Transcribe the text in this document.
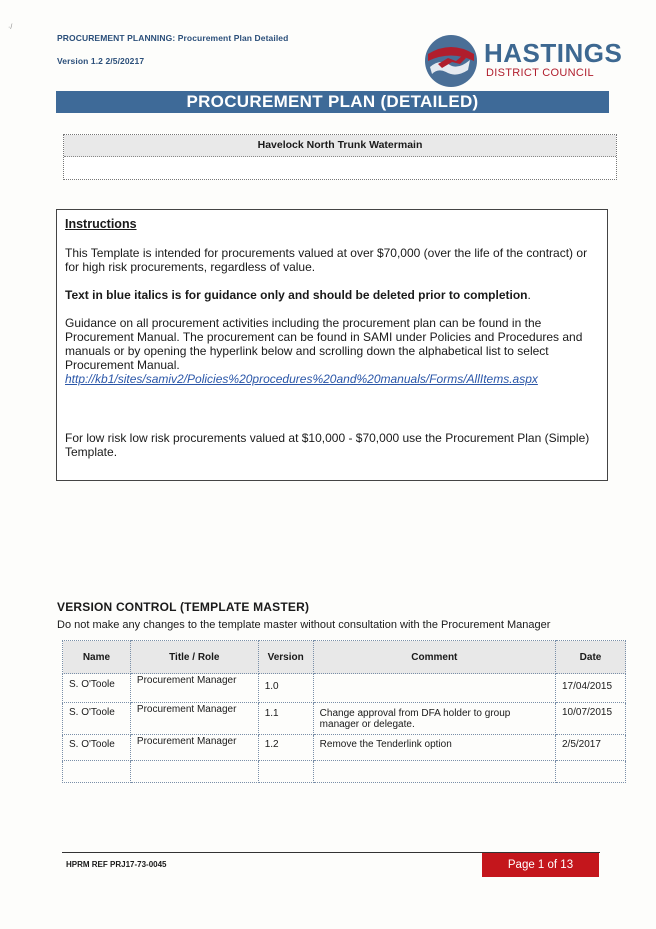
·/
PROCUREMENT PLANNING: Procurement Plan Detailed
Version 1.2 2/5/20217	HASTINGS
DISTRICT COUNCIL
PROCUREMENT PLAN (DETAILED)
Havelock North Trunk Watermain

Instructions

This Template is intended for procurements valued at over $70,000 (over the life of the contract) or for high risk procurements, regardless of value.

Text in blue italics is for guidance only and should be deleted prior to completion.

Guidance on all procurement activities including the procurement plan can be found in the Procurement Manual. The procurement can be found in SAMI under Policies and Procedures and manuals or by opening the hyperlink below and scrolling down the alphabetical list to select Procurement Manual.

http://kb1/sites/samiv2/Policies%20procedures%20and%20manuals/Forms/AllItems.aspx

For low risk low risk procurements valued at $10,000 - $70,000 use the Procurement Plan (Simple) Template.

VERSION CONTROL (TEMPLATE MASTER)
Do not make any changes to the template master without consultation with the Procurement Manager
Name	Title / Role	Version	Comment	Date
S. O'Toole	Procurement Manager	1.0		17/04/2015
S. O'Toole	Procurement Manager	1.1	Change approval from DFA holder to group manager or delegate.	10/07/2015
S. O'Toole	Procurement Manager	1.2	Remove the Tenderlink option	2/5/2017

HPRM REF PRJ17-73-0045	Page 1 of 13
